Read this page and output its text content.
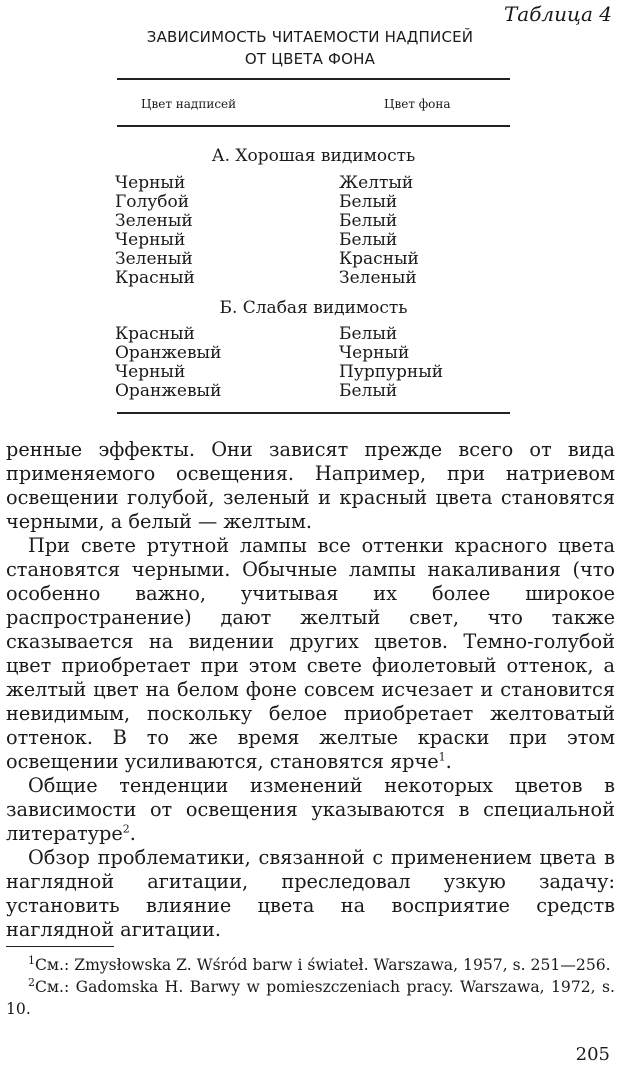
Таблица 4
ЗАВИСИМОСТЬ ЧИТАЕМОСТИ НАДПИСЕЙ
ОТ ЦВЕТА ФОНА
Цвет надписей	Цвет фона
А. Хорошая видимость
Черный	Желтый
Голубой	Белый
Зеленый	Белый
Черный	Белый
Зеленый	Красный
Красный	Зеленый
Б. Слабая видимость
Красный	Белый
Оранжевый	Черный
Черный	Пурпурный
Оранжевый	Белый

ренные эффекты. Они зависят прежде всего от вида применяемого освещения. Например, при натриевом освещении голубой, зеленый и красный цвета становятся черными, а белый — желтым.

При свете ртутной лампы все оттенки красного цвета становятся черными. Обычные лампы накаливания (что особенно важно, учитывая их более широкое распространение) дают желтый свет, что также сказывается на видении других цветов. Темно-голубой цвет приобретает при этом свете фиолетовый оттенок, а желтый цвет на белом фоне совсем исчезает и становится невидимым, поскольку белое приобретает желтоватый оттенок. В то же время желтые краски при этом освещении усиливаются, становятся ярче$^1$.

Общие тенденции изменений некоторых цветов в зависимости от освещения указываются в специальной литературе$^2$.

Обзор проблематики, связанной с применением цвета в наглядной агитации, преследовал узкую задачу: установить влияние цвета на восприятие средств наглядной агитации.

$^1$См.: Zmysłowska Z. Wśród barw i świateł. Warszawa, 1957, s. 251—256.

$^2$См.: Gadomska H. Barwy w pomieszczeniach pracy. Warszawa, 1972, s. 10.

205
